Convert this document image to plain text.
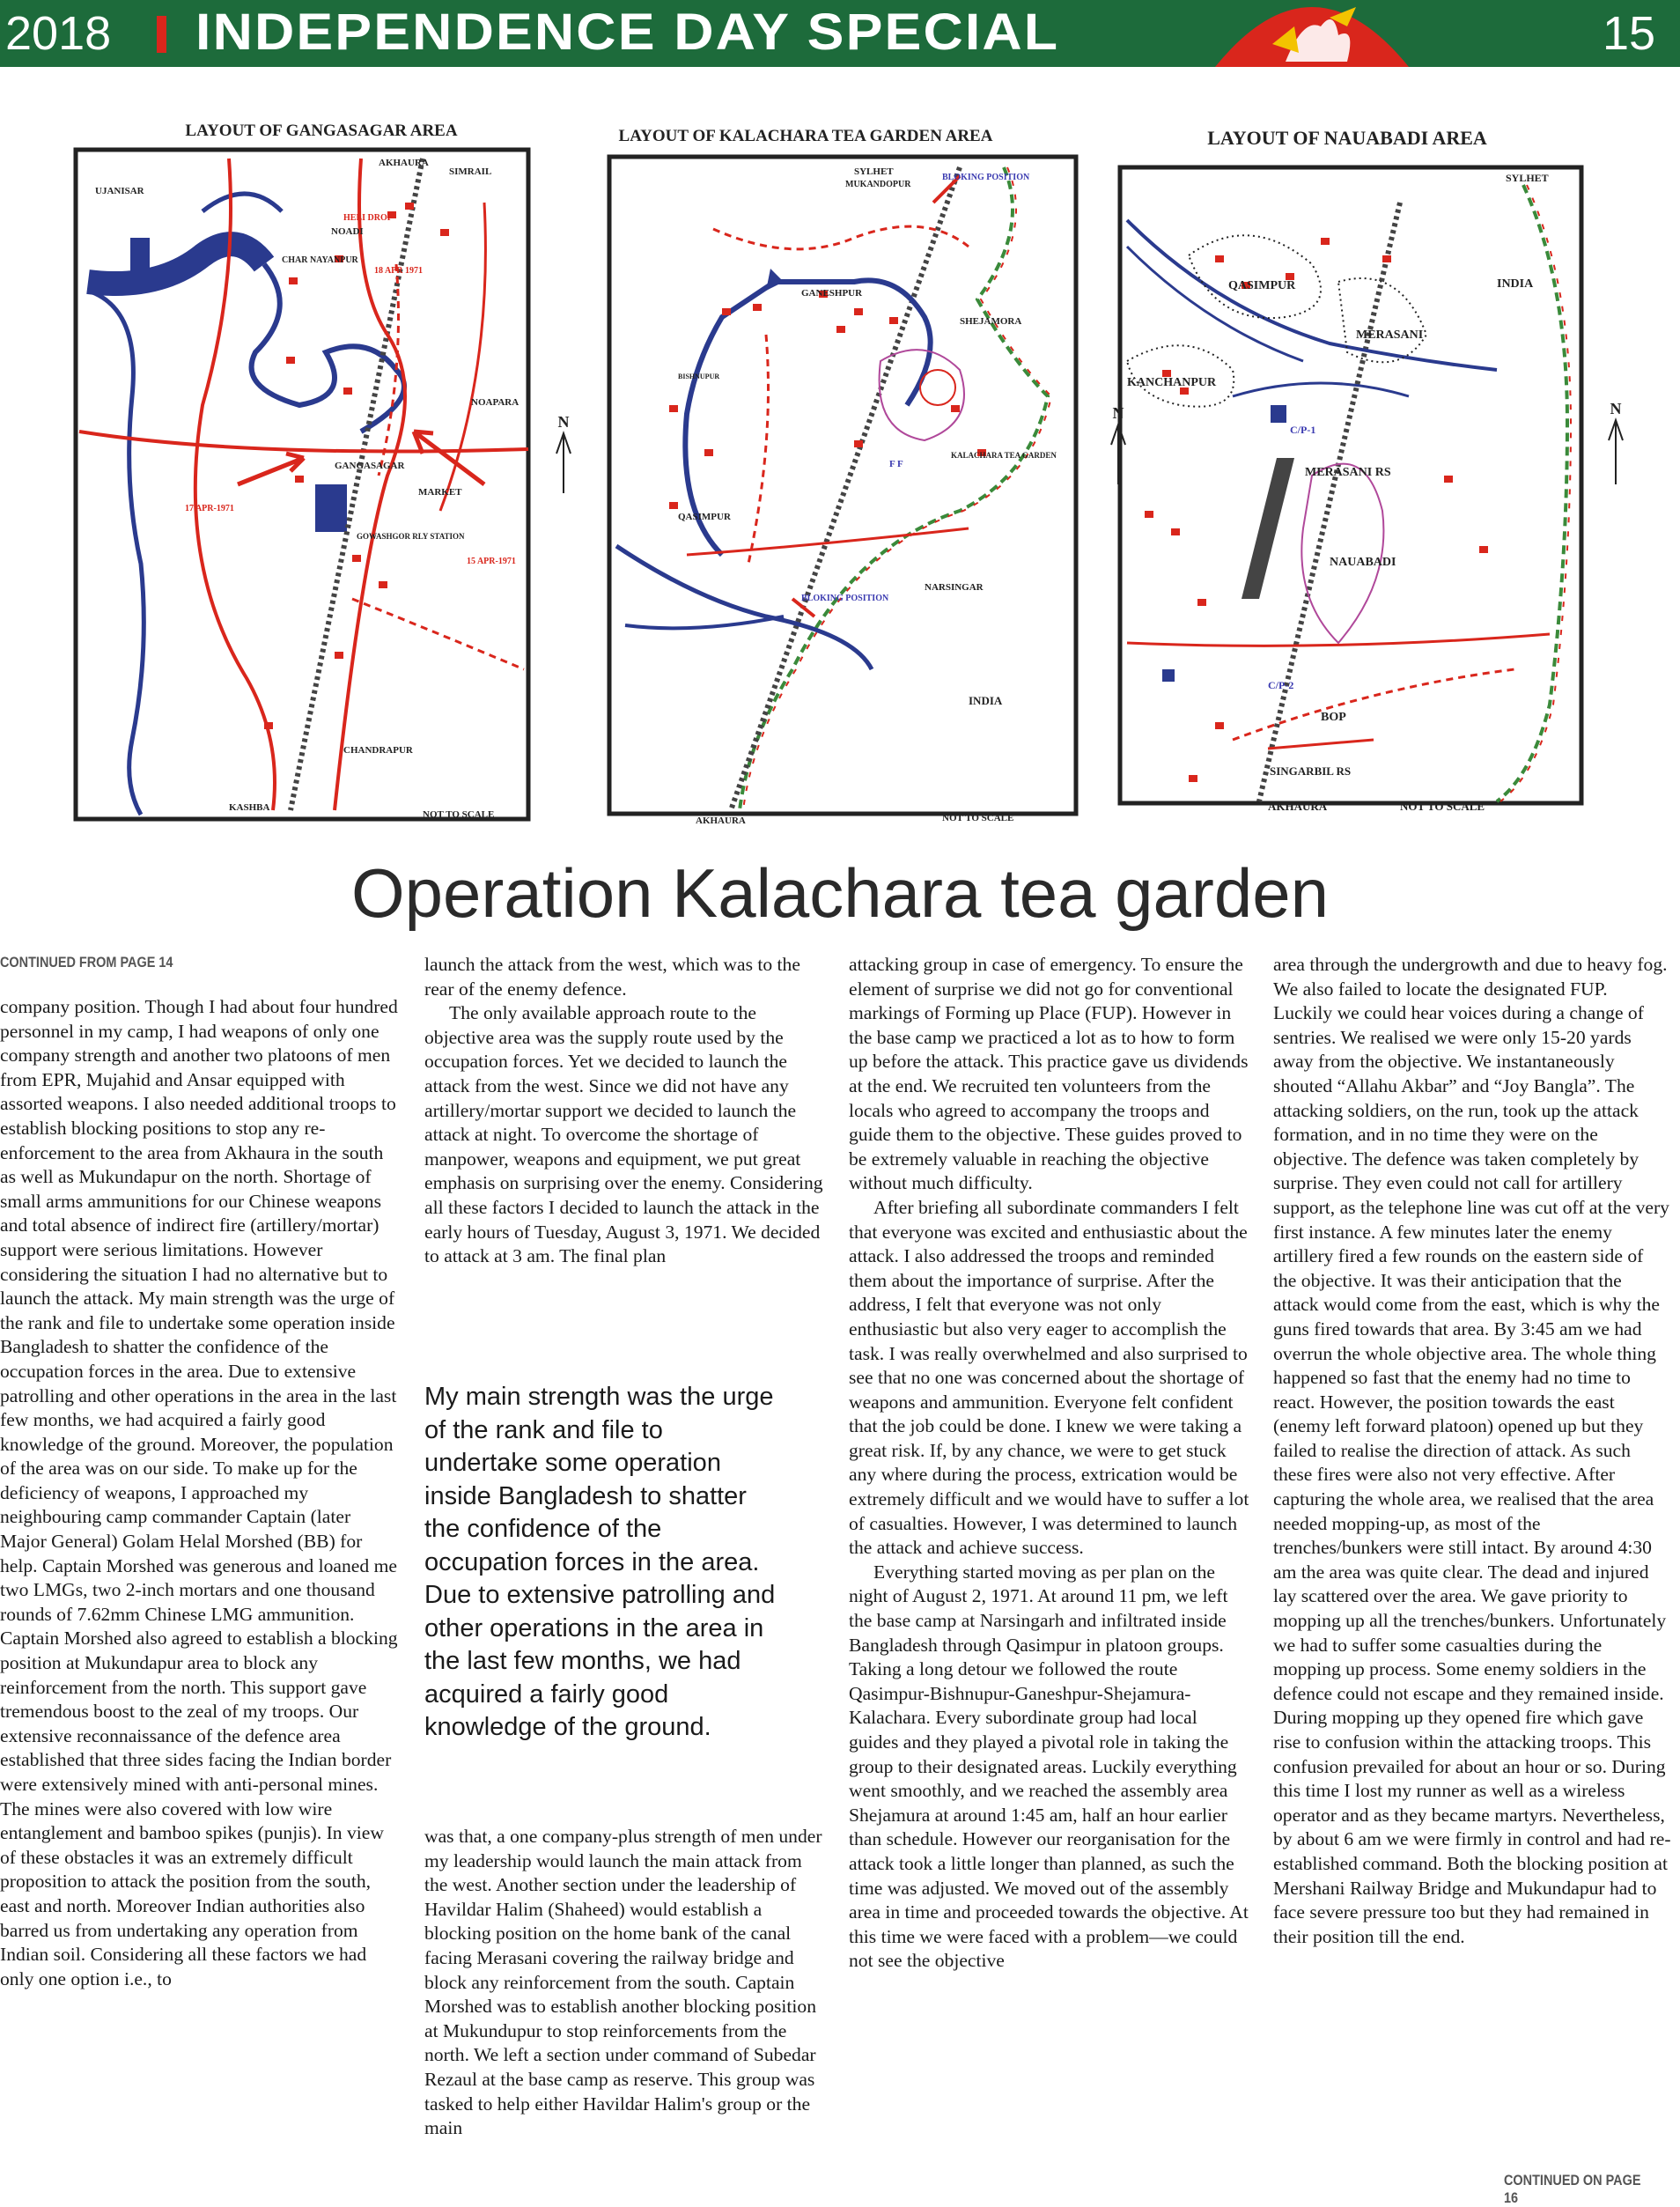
2018 INDEPENDENCE DAY SPECIAL	15
LAYOUT OF GANGASAGAR AREA
UJANISAR
AKHAURA
SIMRAIL
HELI DROP
NOADI
CHAR NAYANPUR
18 APR 1971
NOAPARA
GANGASAGAR
MARKET
17 APR-1971
GOWASHGOR RLY STATION
15 APR-1971
CHANDRAPUR
KASHBA
NOT TO SCALE
N
LAYOUT OF KALACHARA TEA GARDEN AREA
SYLHET
MUKANDOPUR
BLOKING POSITION
GANESHPUR
SHEJAMORA
BISHNUPUR
F F
KALACHARA TEA GARDEN
QASIMPUR
BLOKING POSITION
NARSINGAR
INDIA
AKHAURA	NOT TO SCALE
N
LAYOUT OF NAUABADI AREA
SYLHET
QASIMPUR	INDIA
MERASANI
KANCHANPUR
C/P-1
MERASANI RS
NAUABADI
C/P-2
BOP
SINGARBIL RS
AKHAURA	NOT TO SCALE
N
Operation Kalachara tea garden
CONTINUED FROM PAGE 14

company position. Though I had about four hundred personnel in my camp, I had weapons of only one company strength and another two platoons of men from EPR, Mujahid and Ansar equipped with assorted weapons. I also needed additional troops to establish blocking positions to stop any re-enforcement to the area from Akhaura in the south as well as Mukundapur on the north. Shortage of small arms ammunitions for our Chinese weapons and total absence of indirect fire (artillery/mortar) support were serious limitations. However considering the situation I had no alternative but to launch the attack. My main strength was the urge of the rank and file to undertake some operation inside Bangladesh to shatter the confidence of the occupation forces in the area. Due to extensive patrolling and other operations in the area in the last few months, we had acquired a fairly good knowledge of the ground. Moreover, the population of the area was on our side. To make up for the deficiency of weapons, I approached my neighbouring camp commander Captain (later Major General) Golam Helal Morshed (BB) for help. Captain Morshed was generous and loaned me two LMGs, two 2-inch mortars and one thousand rounds of 7.62mm Chinese LMG ammunition. Captain Morshed also agreed to establish a blocking position at Mukundapur area to block any reinforcement from the north. This support gave tremendous boost to the zeal of my troops. Our extensive reconnaissance of the defence area established that three sides facing the Indian border were extensively mined with anti-personal mines. The mines were also covered with low wire entanglement and bamboo spikes (punjis). In view of these obstacles it was an extremely difficult proposition to attack the position from the south, east and north. Moreover Indian authorities also barred us from undertaking any operation from Indian soil. Considering all these factors we had only one option i.e., to

launch the attack from the west, which was to the rear of the enemy defence.

The only available approach route to the objective area was the supply route used by the occupation forces. Yet we decided to launch the attack from the west. Since we did not have any artillery/mortar support we decided to launch the attack at night. To overcome the shortage of manpower, weapons and equipment, we put great emphasis on surprising over the enemy. Considering all these factors I decided to launch the attack in the early hours of Tuesday, August 3, 1971. We decided to attack at 3 am. The final plan

My main strength was the urge of the rank and file to undertake some operation inside Bangladesh to shatter the confidence of the occupation forces in the area. Due to extensive patrolling and other operations in the area in the last few months, we had acquired a fairly good knowledge of the ground.

was that, a one company-plus strength of men under my leadership would launch the main attack from the west. Another section under the leadership of Havildar Halim (Shaheed) would establish a blocking position on the home bank of the canal facing Merasani covering the railway bridge and block any reinforcement from the south. Captain Morshed was to establish another blocking position at Mukundupur to stop reinforcements from the north. We left a section under command of Subedar Rezaul at the base camp as reserve. This group was tasked to help either Havildar Halim's group or the main

attacking group in case of emergency. To ensure the element of surprise we did not go for conventional markings of Forming up Place (FUP). However in the base camp we practiced a lot as to how to form up before the attack. This practice gave us dividends at the end. We recruited ten volunteers from the locals who agreed to accompany the troops and guide them to the objective. These guides proved to be extremely valuable in reaching the objective without much difficulty.

After briefing all subordinate commanders I felt that everyone was excited and enthusiastic about the attack. I also addressed the troops and reminded them about the importance of surprise. After the address, I felt that everyone was not only enthusiastic but also very eager to accomplish the task. I was really overwhelmed and also surprised to see that no one was concerned about the shortage of weapons and ammunition. Everyone felt confident that the job could be done. I knew we were taking a great risk. If, by any chance, we were to get stuck any where during the process, extrication would be extremely difficult and we would have to suffer a lot of casualties. However, I was determined to launch the attack and achieve success.

Everything started moving as per plan on the night of August 2, 1971. At around 11 pm, we left the base camp at Narsingarh and infiltrated inside Bangladesh through Qasimpur in platoon groups. Taking a long detour we followed the route Qasimpur-Bishnupur-Ganeshpur-Shejamura-Kalachara. Every subordinate group had local guides and they played a pivotal role in taking the group to their designated areas. Luckily everything went smoothly, and we reached the assembly area Shejamura at around 1:45 am, half an hour earlier than schedule. However our reorganisation for the attack took a little longer than planned, as such the time was adjusted. We moved out of the assembly area in time and proceeded towards the objective. At this time we were faced with a problem—we could not see the objective

area through the undergrowth and due to heavy fog. We also failed to locate the designated FUP. Luckily we could hear voices during a change of sentries. We realised we were only 15-20 yards away from the objective. We instantaneously shouted “Allahu Akbar” and “Joy Bangla”. The attacking soldiers, on the run, took up the attack formation, and in no time they were on the objective. The defence was taken completely by surprise. They even could not call for artillery support, as the telephone line was cut off at the very first instance. A few minutes later the enemy artillery fired a few rounds on the eastern side of the objective. It was their anticipation that the attack would come from the east, which is why the guns fired towards that area. By 3:45 am we had overrun the whole objective area. The whole thing happened so fast that the enemy had no time to react. However, the position towards the east (enemy left forward platoon) opened up but they failed to realise the direction of attack. As such these fires were also not very effective. After capturing the whole area, we realised that the area needed mopping-up, as most of the trenches/bunkers were still intact. By around 4:30 am the area was quite clear. The dead and injured lay scattered over the area. We gave priority to mopping up all the trenches/bunkers. Unfortunately we had to suffer some casualties during the mopping up process. Some enemy soldiers in the defence could not escape and they remained inside. During mopping up they opened fire which gave rise to confusion within the attacking troops. This confusion prevailed for about an hour or so. During this time I lost my runner as well as a wireless operator and as they became martyrs. Nevertheless, by about 6 am we were firmly in control and had re-established command. Both the blocking position at Mershani Railway Bridge and Mukundapur had to face severe pressure too but they had remained in their position till the end.

CONTINUED ON PAGE 16
